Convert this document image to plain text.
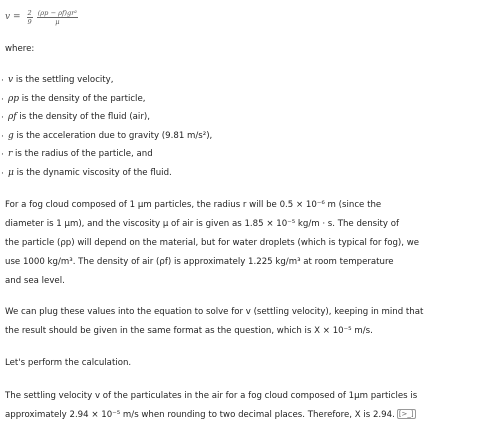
$v = \frac{2}{9} \frac{\text{(ρp − ρf)gr²}}{\mu}$
where:
· v is the settling velocity,
· ρp is the density of the particle,
· ρf is the density of the fluid (air),
· g is the acceleration due to gravity (9.81 m/s²),
· r is the radius of the particle, and
· μ is the dynamic viscosity of the fluid.
For a fog cloud composed of 1 μm particles, the radius r will be 0.5 × 10⁻⁶ m (since the
diameter is 1 μm), and the viscosity μ of air is given as 1.85 × 10⁻⁵ kg/m · s. The density of
the particle (ρp) will depend on the material, but for water droplets (which is typical for fog), we
use 1000 kg/m³. The density of air (ρf) is approximately 1.225 kg/m³ at room temperature
and sea level.
We can plug these values into the equation to solve for v (settling velocity), keeping in mind that
the result should be given in the same format as the question, which is X × 10⁻⁵ m/s.
Let's perform the calculation.
The settling velocity v of the particulates in the air for a fog cloud composed of 1μm particles is
approximately 2.94 × 10⁻⁵ m/s when rounding to two decimal places. Therefore, X is 2.94. [>_]
